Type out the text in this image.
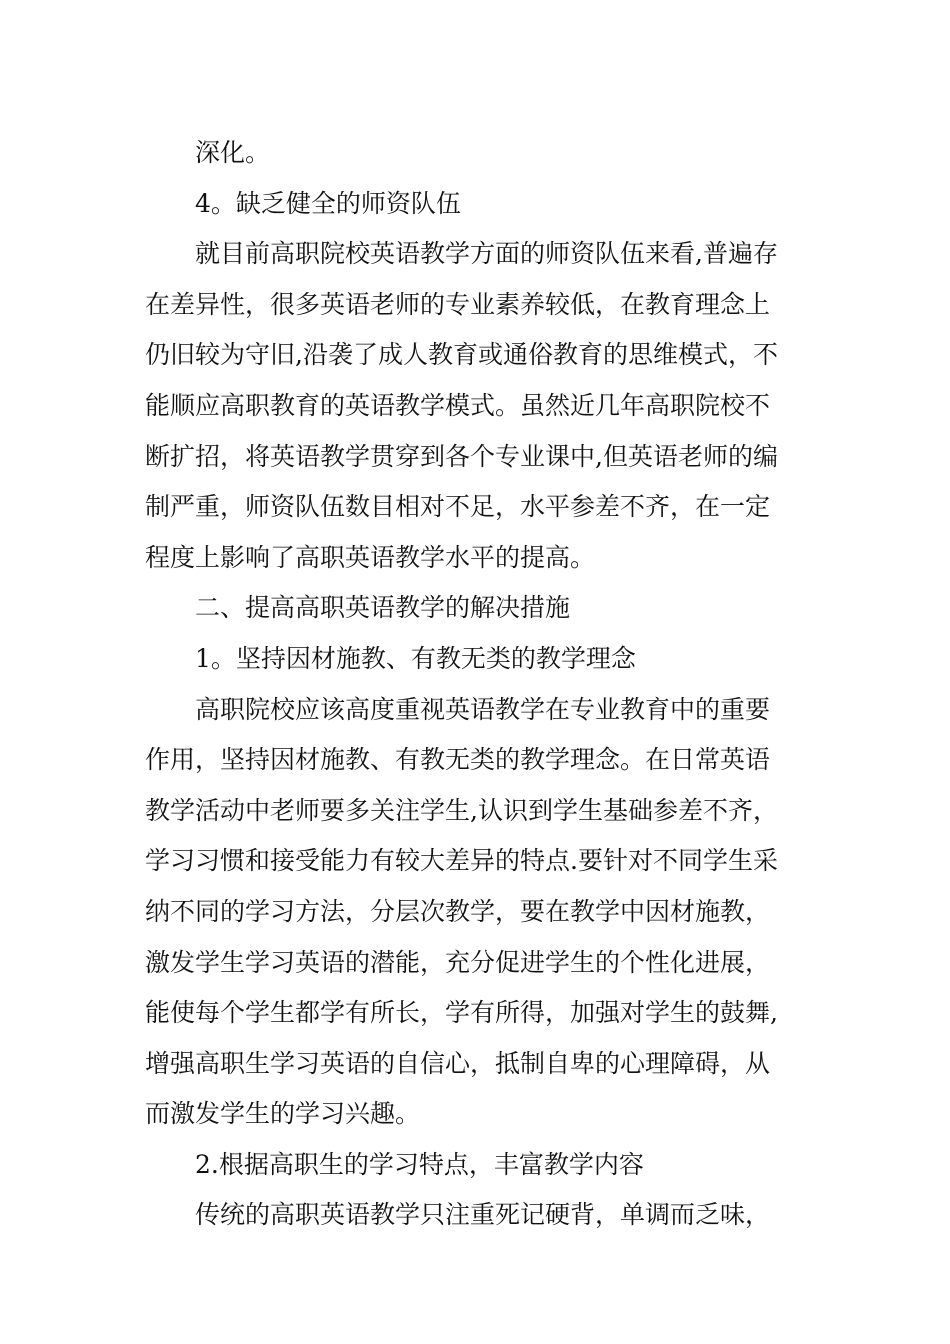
深化。
4。缺乏健全的师资队伍
就目前高职院校英语教学方面的师资队伍来看,普遍存
在差异性，很多英语老师的专业素养较低，在教育理念上
仍旧较为守旧,沿袭了成人教育或通俗教育的思维模式，不
能顺应高职教育的英语教学模式。虽然近几年高职院校不
断扩招，将英语教学贯穿到各个专业课中,但英语老师的编
制严重，师资队伍数目相对不足，水平参差不齐，在一定
程度上影响了高职英语教学水平的提高。
二、提高高职英语教学的解决措施
1。坚持因材施教、有教无类的教学理念
高职院校应该高度重视英语教学在专业教育中的重要
作用，坚持因材施教、有教无类的教学理念。在日常英语
教学活动中老师要多关注学生,认识到学生基础参差不齐，
学习习惯和接受能力有较大差异的特点.要针对不同学生采
纳不同的学习方法，分层次教学，要在教学中因材施教，
激发学生学习英语的潜能，充分促进学生的个性化进展，
能使每个学生都学有所长，学有所得，加强对学生的鼓舞,
增强高职生学习英语的自信心，抵制自卑的心理障碍，从
而激发学生的学习兴趣。
2.根据高职生的学习特点，丰富教学内容
传统的高职英语教学只注重死记硬背，单调而乏味，
